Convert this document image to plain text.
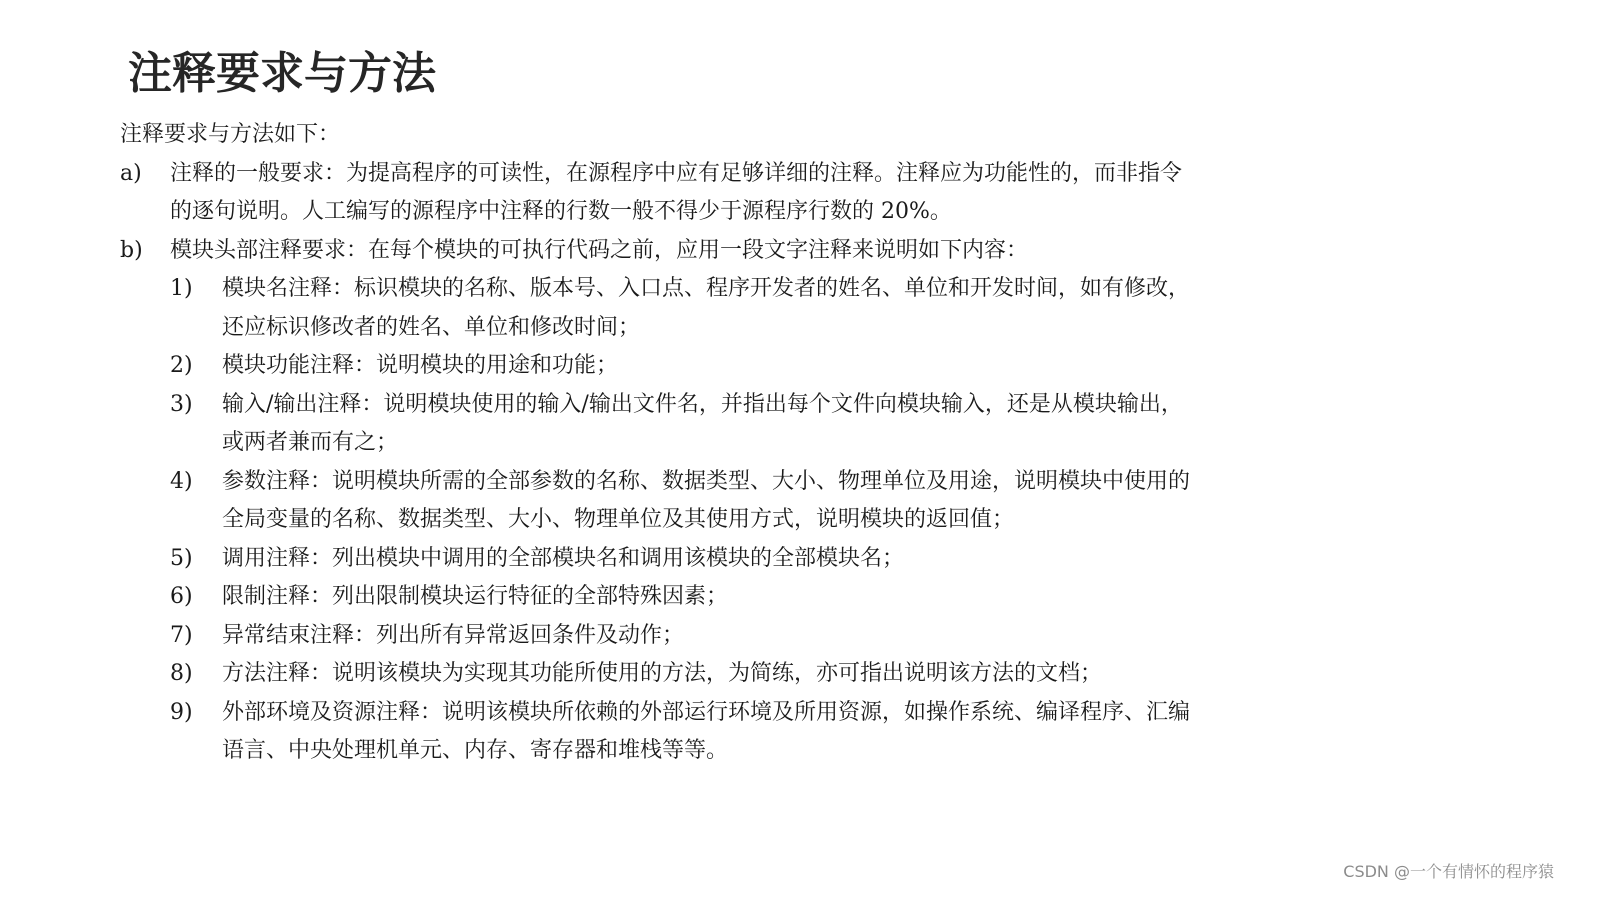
注释要求与方法
注释要求与方法如下：
a)	注释的一般要求：为提高程序的可读性，在源程序中应有足够详细的注释。注释应为功能性的，而非指令的逐句说明。人工编写的源程序中注释的行数一般不得少于源程序行数的 20%。
b)	模块头部注释要求：在每个模块的可执行代码之前，应用一段文字注释来说明如下内容：
1)	模块名注释：标识模块的名称、版本号、入口点、程序开发者的姓名、单位和开发时间，如有修改，还应标识修改者的姓名、单位和修改时间；
2)	模块功能注释：说明模块的用途和功能；
3)	输入/输出注释：说明模块使用的输入/输出文件名，并指出每个文件向模块输入，还是从模块输出，或两者兼而有之；
4)	参数注释：说明模块所需的全部参数的名称、数据类型、大小、物理单位及用途，说明模块中使用的全局变量的名称、数据类型、大小、物理单位及其使用方式，说明模块的返回值；
5)	调用注释：列出模块中调用的全部模块名和调用该模块的全部模块名；
6)	限制注释：列出限制模块运行特征的全部特殊因素；
7)	异常结束注释：列出所有异常返回条件及动作；
8)	方法注释：说明该模块为实现其功能所使用的方法，为简练，亦可指出说明该方法的文档；
9)	外部环境及资源注释：说明该模块所依赖的外部运行环境及所用资源，如操作系统、编译程序、汇编语言、中央处理机单元、内存、寄存器和堆栈等等。
CSDN @一个有情怀的程序猿
